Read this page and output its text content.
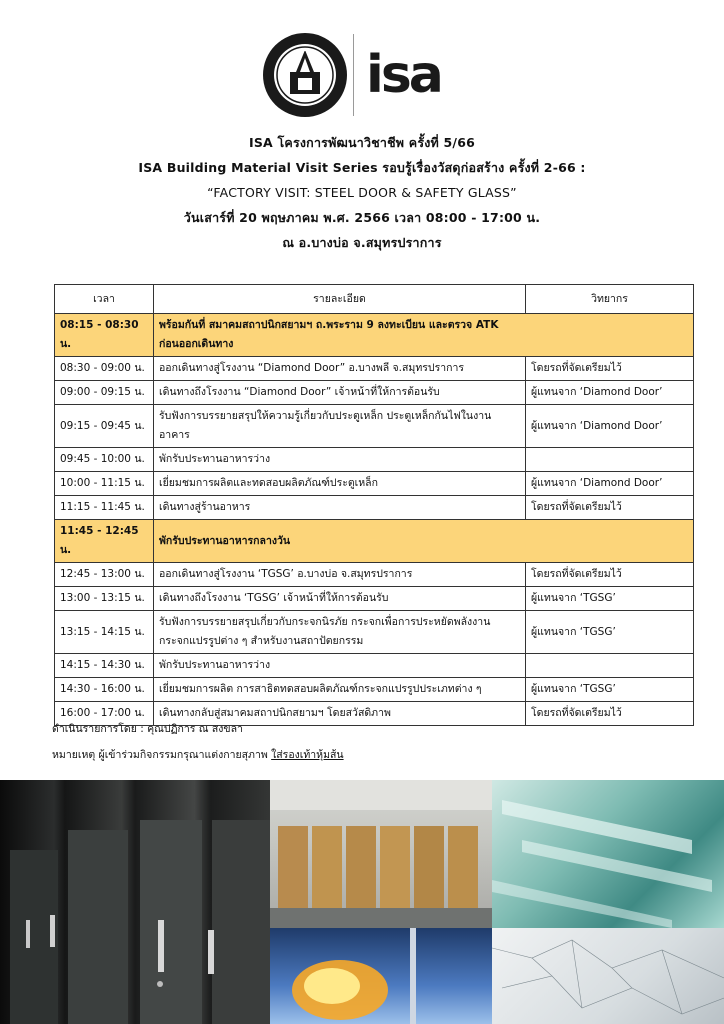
isa
ISA โครงการพัฒนาวิชาชีพ ครั้งที่ 5/66
ISA Building Material Visit Series รอบรู้เรื่องวัสดุก่อสร้าง ครั้งที่ 2-66 :
“FACTORY VISIT: STEEL DOOR & SAFETY GLASS”
วันเสาร์ที่ 20 พฤษภาคม พ.ศ. 2566 เวลา 08:00 - 17:00 น.
ณ อ.บางบ่อ จ.สมุทรปราการ
เวลา	รายละเอียด	วิทยากร
08:15 - 08:30 น.	พร้อมกันที่ สมาคมสถาปนิกสยามฯ ถ.พระราม 9 ลงทะเบียน และตรวจ ATK ก่อนออกเดินทาง	
08:30 - 09:00 น.	ออกเดินทางสู่โรงงาน “Diamond Door” อ.บางพลี จ.สมุทรปราการ	โดยรถที่จัดเตรียมไว้
09:00 - 09:15 น.	เดินทางถึงโรงงาน “Diamond Door” เจ้าหน้าที่ให้การต้อนรับ	ผู้แทนจาก ‘Diamond Door’
09:15 - 09:45 น.	รับฟังการบรรยายสรุปให้ความรู้เกี่ยวกับประตูเหล็ก ประตูเหล็กกันไฟในงานอาคาร	ผู้แทนจาก ‘Diamond Door’
09:45 - 10:00 น.	พักรับประทานอาหารว่าง	
10:00 - 11:15 น.	เยี่ยมชมการผลิตและทดสอบผลิตภัณฑ์ประตูเหล็ก	ผู้แทนจาก ‘Diamond Door’
11:15 - 11:45 น.	เดินทางสู่ร้านอาหาร	โดยรถที่จัดเตรียมไว้
11:45 - 12:45 น.	พักรับประทานอาหารกลางวัน	
12:45 - 13:00 น.	ออกเดินทางสู่โรงงาน ‘TGSG’ อ.บางบ่อ จ.สมุทรปราการ	โดยรถที่จัดเตรียมไว้
13:00 - 13:15 น.	เดินทางถึงโรงงาน ‘TGSG’ เจ้าหน้าที่ให้การต้อนรับ	ผู้แทนจาก ‘TGSG’
13:15 - 14:15 น.	รับฟังการบรรยายสรุปเกี่ยวกับกระจกนิรภัย กระจกเพื่อการประหยัดพลังงาน กระจกแปรรูปต่าง ๆ สำหรับงานสถาปัตยกรรม	ผู้แทนจาก ‘TGSG’
14:15 - 14:30 น.	พักรับประทานอาหารว่าง	
14:30 - 16:00 น.	เยี่ยมชมการผลิต การสาธิตทดสอบผลิตภัณฑ์กระจกแปรรูปประเภทต่าง ๆ	ผู้แทนจาก ‘TGSG’
16:00 - 17:00 น.	เดินทางกลับสู่สมาคมสถาปนิกสยามฯ โดยสวัสดิภาพ	โดยรถที่จัดเตรียมไว้
ดำเนินรายการโดย : คุณปฏิการ ณ สงขลา
หมายเหตุ ผู้เข้าร่วมกิจกรรมกรุณาแต่งกายสุภาพ ใส่รองเท้าหุ้มส้น
